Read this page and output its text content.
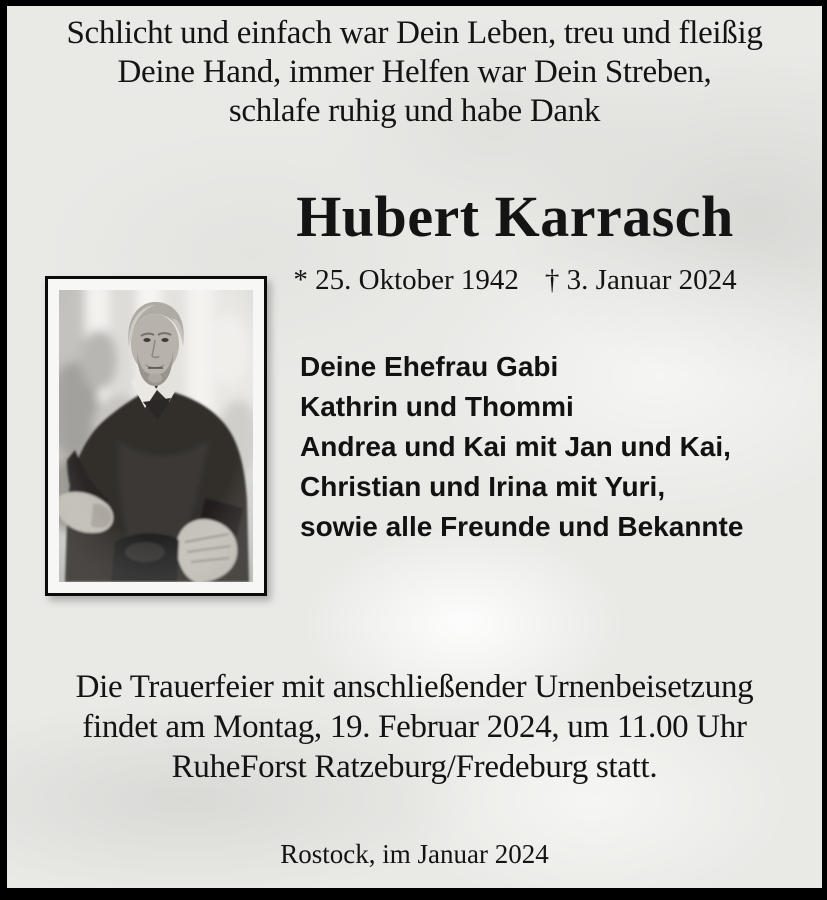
Schlicht und einfach war Dein Leben, treu und fleißig
Deine Hand, immer Helfen war Dein Streben,
schlafe ruhig und habe Dank
Hubert Karrasch
* 25. Oktober 1942 † 3. Januar 2024
Deine Ehefrau Gabi
Kathrin und Thommi
Andrea und Kai mit Jan und Kai,
Christian und Irina mit Yuri,
sowie alle Freunde und Bekannte
Die Trauerfeier mit anschließender Urnenbeisetzung
findet am Montag, 19. Februar 2024, um 11.00 Uhr
RuheForst Ratzeburg/Fredeburg statt.
Rostock, im Januar 2024
